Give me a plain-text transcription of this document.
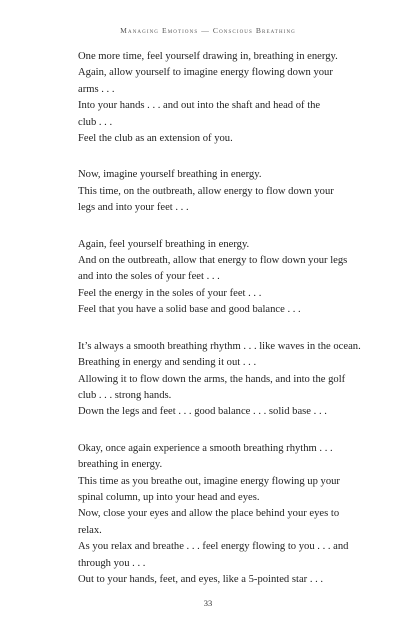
Managing Emotions — Conscious Breathing
One more time, feel yourself drawing in, breathing in energy.
Again, allow yourself to imagine energy flowing down your
arms . . .
Into your hands . . . and out into the shaft and head of the
club . . .
Feel the club as an extension of you.
Now, imagine yourself breathing in energy.
This time, on the outbreath, allow energy to flow down your
legs and into your feet . . .
Again, feel yourself breathing in energy.
And on the outbreath, allow that energy to flow down your legs
and into the soles of your feet . . .
Feel the energy in the soles of your feet . . .
Feel that you have a solid base and good balance . . .
It’s always a smooth breathing rhythm . . . like waves in the ocean.
Breathing in energy and sending it out . . .
Allowing it to flow down the arms, the hands, and into the golf
club . . . strong hands.
Down the legs and feet . . . good balance . . . solid base . . .
Okay, once again experience a smooth breathing rhythm . . .
breathing in energy.
This time as you breathe out, imagine energy flowing up your
spinal column, up into your head and eyes.
Now, close your eyes and allow the place behind your eyes to
relax.
As you relax and breathe . . . feel energy flowing to you . . . and
through you . . .
Out to your hands, feet, and eyes, like a 5-pointed star . . .
33
